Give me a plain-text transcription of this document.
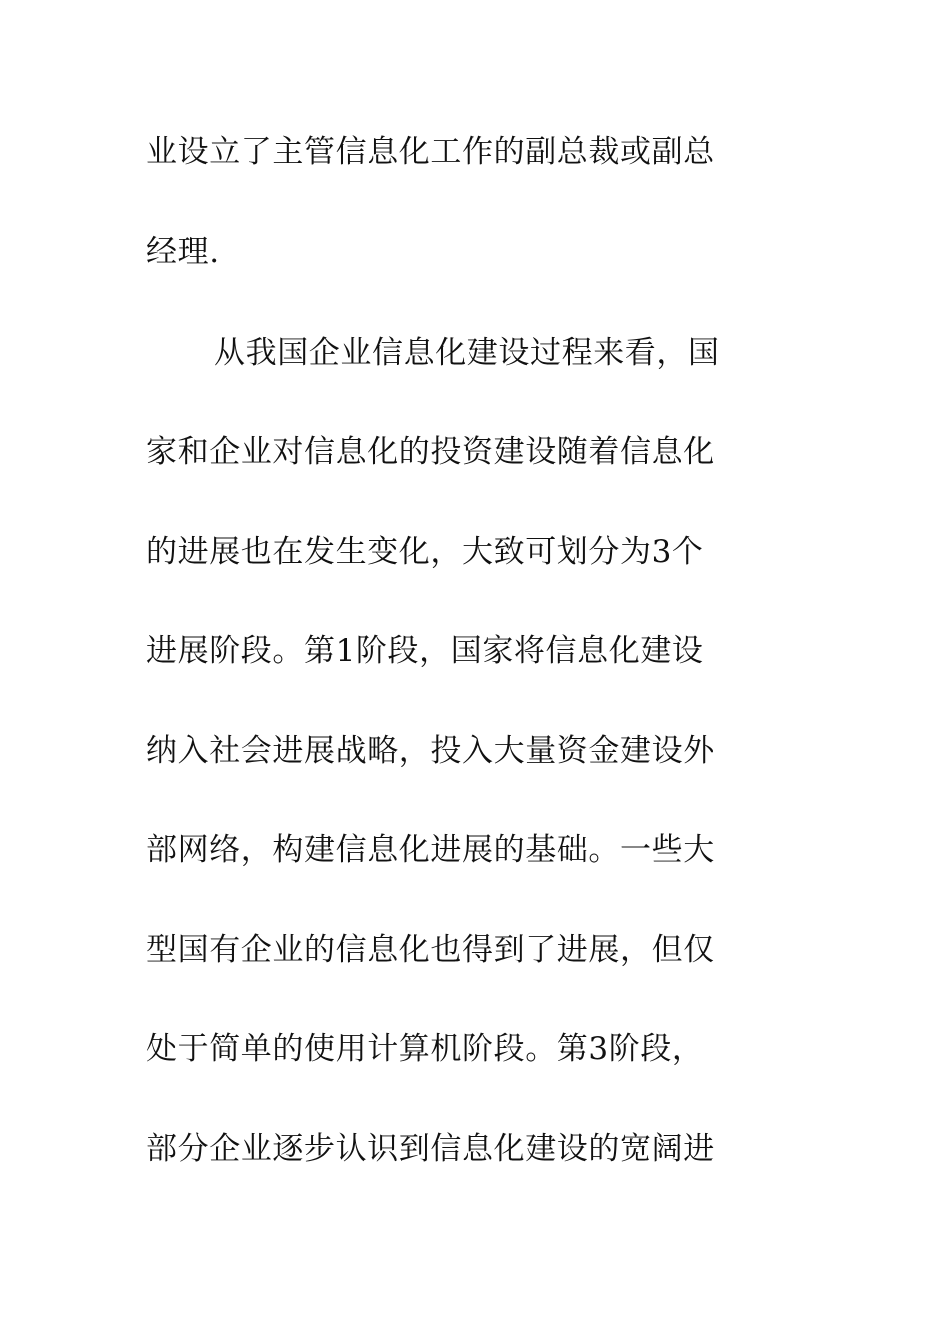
业设立了主管信息化工作的副总裁或副总
经理.
从我国企业信息化建设过程来看，国
家和企业对信息化的投资建设随着信息化
的进展也在发生变化，大致可划分为3个
进展阶段。第1阶段，国家将信息化建设
纳入社会进展战略，投入大量资金建设外
部网络，构建信息化进展的基础。一些大
型国有企业的信息化也得到了进展，但仅
处于简单的使用计算机阶段。第3阶段，
部分企业逐步认识到信息化建设的宽阔进
